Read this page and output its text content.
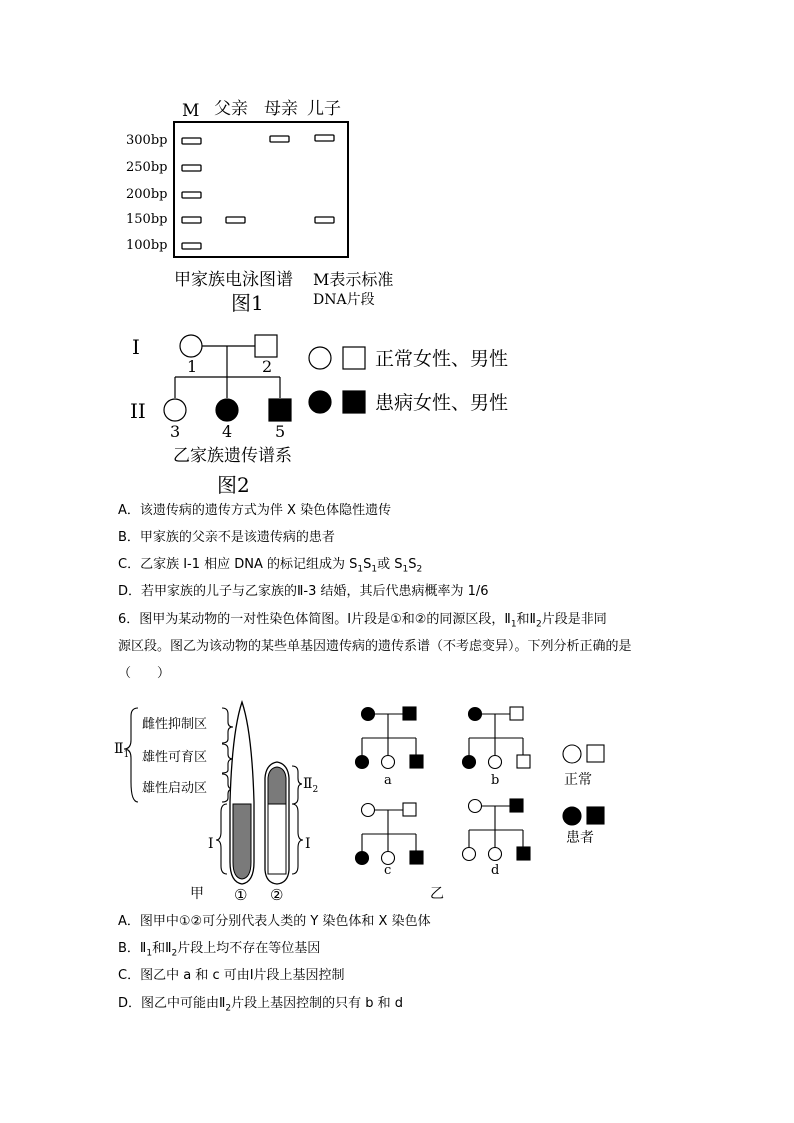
M 父亲 母亲 儿子
300bp
250bp
200bp
150bp
100bp
甲家族电泳图谱 M表示标准
DNA片段
图1
I
II
1	2
3	4	5
正常女性、男性
患病女性、男性
乙家族遗传谱系
图2
A．该遗传病的遗传方式为伴 X 染色体隐性遗传
B．甲家族的父亲不是该遗传病的患者
C．乙家族 I-1 相应 DNA 的标记组成为 $S_1S_1$或 $S_1S_2$
D．若甲家族的儿子与乙家族的Ⅱ-3 结婚，其后代患病概率为 1/6
6．图甲为某动物的一对性染色体简图。Ⅰ片段是①和②的同源区段，$Ⅱ_1$和$Ⅱ_2$片段是非同
源区段。图乙为该动物的某些单基因遗传病的遗传系谱（不考虑变异）。下列分析正确的是
（　　）
雌性抑制区
雄性可育区
雄性启动区
$Ⅱ_1$
$Ⅱ_2$
I	I
甲 ① ②
a	b
c	d
正常
患者
乙
A．图甲中①②可分别代表人类的 Y 染色体和 X 染色体
B．$Ⅱ_1$和$Ⅱ_2$片段上均不存在等位基因
C．图乙中 a 和 c 可由Ⅰ片段上基因控制
D．图乙中可能由$Ⅱ_2$片段上基因控制的只有 b 和 d
